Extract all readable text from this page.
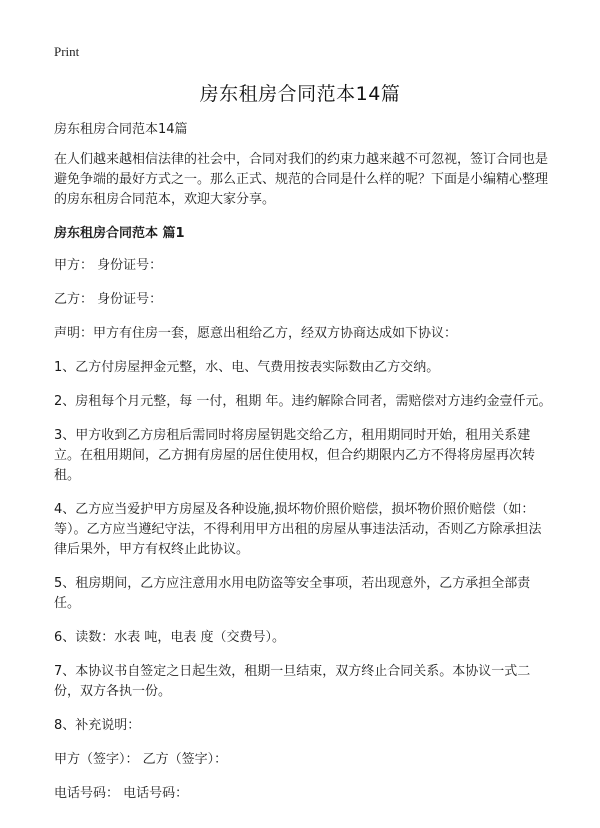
Print
房东租房合同范本14篇

房东租房合同范本14篇

在人们越来越相信法律的社会中，合同对我们的约束力越来越不可忽视，签订合同也是避免争端的最好方式之一。那么正式、规范的合同是什么样的呢？下面是小编精心整理的房东租房合同范本，欢迎大家分享。

房东租房合同范本 篇1

甲方： 身份证号：

乙方： 身份证号：

声明：甲方有住房一套，愿意出租给乙方，经双方协商达成如下协议：

1、乙方付房屋押金元整，水、电、气费用按表实际数由乙方交纳。

2、房租每个月元整，每 一付，租期 年。违约解除合同者，需赔偿对方违约金壹仟元。

3、甲方收到乙方房租后需同时将房屋钥匙交给乙方，租用期同时开始，租用关系建立。在租用期间，乙方拥有房屋的居住使用权，但合约期限内乙方不得将房屋再次转租。

4、乙方应当爱护甲方房屋及各种设施,损坏物价照价赔偿，损坏物价照价赔偿（如：等）。乙方应当遵纪守法，不得利用甲方出租的房屋从事违法活动，否则乙方除承担法律后果外，甲方有权终止此协议。

5、租房期间，乙方应注意用水用电防盗等安全事项，若出现意外，乙方承担全部责任。

6、读数：水表 吨，电表 度（交费号）。

7、本协议书自签定之日起生效，租期一旦结束，双方终止合同关系。本协议一式二份，双方各执一份。

8、补充说明：

甲方（签字）： 乙方（签字）：

电话号码： 电话号码：
